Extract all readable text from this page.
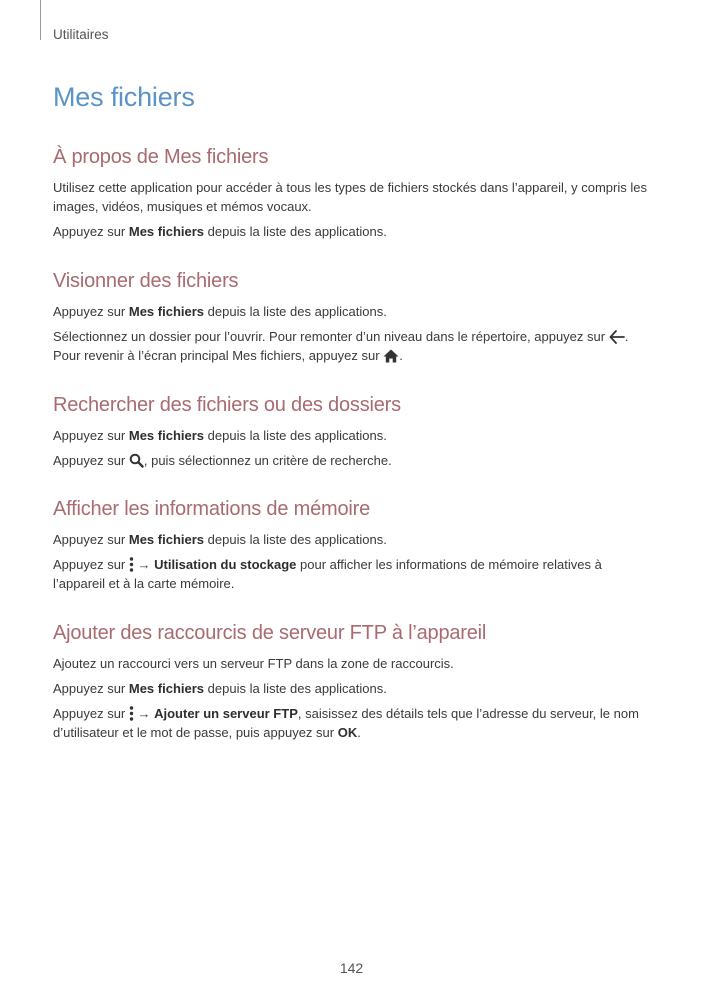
Utilitaires
Mes fichiers
À propos de Mes fichiers

Utilisez cette application pour accéder à tous les types de fichiers stockés dans l’appareil, y compris les images, vidéos, musiques et mémos vocaux.

Appuyez sur Mes fichiers depuis la liste des applications.

Visionner des fichiers

Appuyez sur Mes fichiers depuis la liste des applications.

Sélectionnez un dossier pour l’ouvrir. Pour remonter d’un niveau dans le répertoire, appuyez sur
.
Pour revenir à l’écran principal Mes fichiers, appuyez sur
.

Rechercher des fichiers ou des dossiers

Appuyez sur Mes fichiers depuis la liste des applications.

Appuyez sur
, puis sélectionnez un critère de recherche.

Afficher les informations de mémoire

Appuyez sur Mes fichiers depuis la liste des applications.

Appuyez sur
→ Utilisation du stockage pour afficher les informations de mémoire relatives à l’appareil et à la carte mémoire.

Ajouter des raccourcis de serveur FTP à l’appareil

Ajoutez un raccourci vers un serveur FTP dans la zone de raccourcis.

Appuyez sur Mes fichiers depuis la liste des applications.

Appuyez sur
→ Ajouter un serveur FTP, saisissez des détails tels que l’adresse du serveur, le nom d’utilisateur et le mot de passe, puis appuyez sur OK.

142
